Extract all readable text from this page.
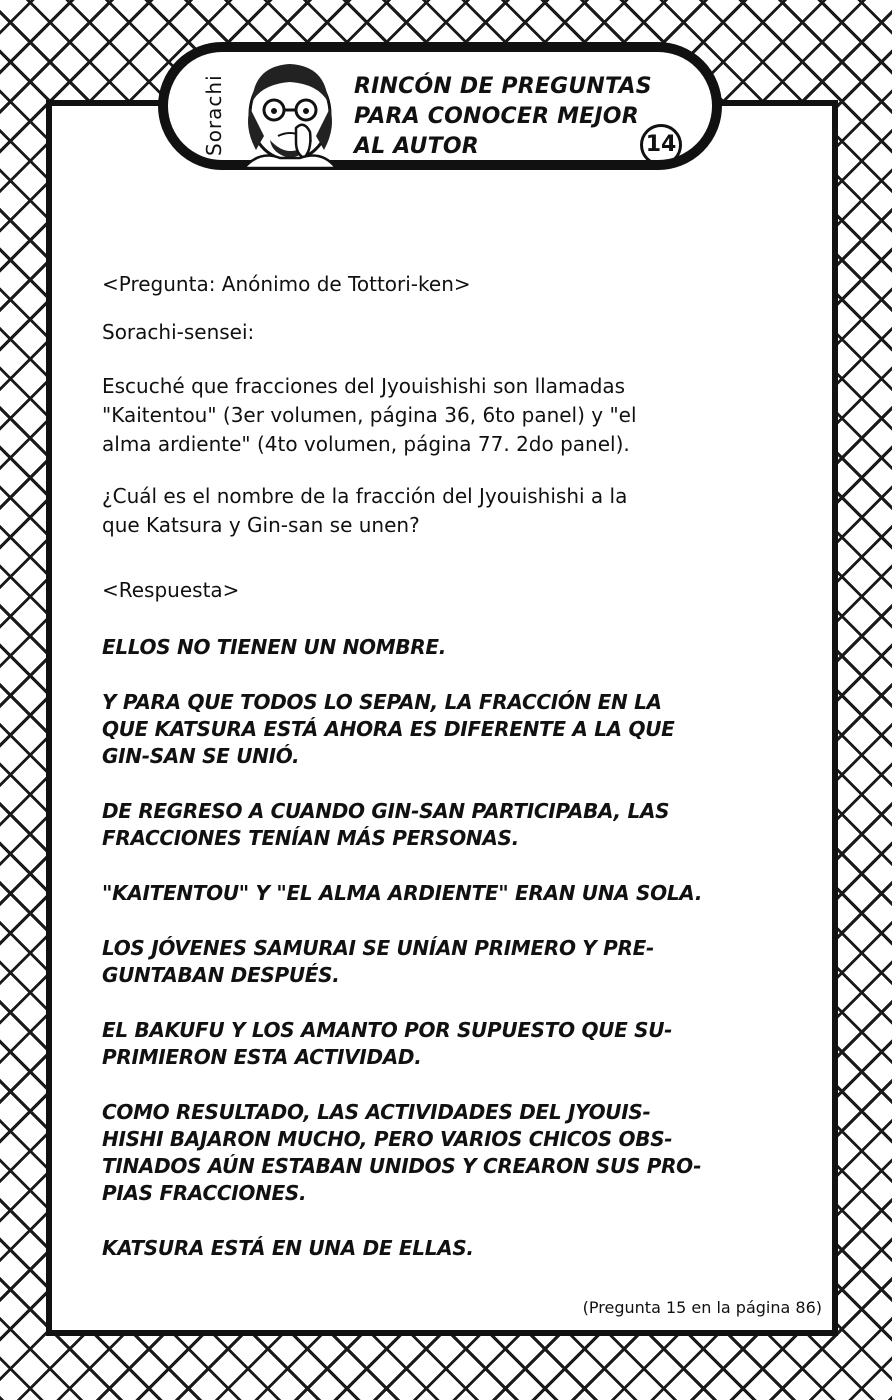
Sorachi	RINCÓN DE PREGUNTAS
PARA CONOCER MEJOR
AL AUTOR	14
<Pregunta: Anónimo de Tottori-ken>
Sorachi-sensei:
Escuché que fracciones del Jyouishishi son llamadas
"Kaitentou" (3er volumen, página 36, 6to panel) y "el
alma ardiente" (4to volumen, página 77. 2do panel).
¿Cuál es el nombre de la fracción del Jyouishishi a la
que Katsura y Gin-san se unen?
<Respuesta>
ELLOS NO TIENEN UN NOMBRE.
Y PARA QUE TODOS LO SEPAN, LA FRACCIÓN EN LA
QUE KATSURA ESTÁ AHORA ES DIFERENTE A LA QUE
GIN-SAN SE UNIÓ.
DE REGRESO A CUANDO GIN-SAN PARTICIPABA, LAS
FRACCIONES TENÍAN MÁS PERSONAS.
"KAITENTOU" Y "EL ALMA ARDIENTE" ERAN UNA SOLA.
LOS JÓVENES SAMURAI SE UNÍAN PRIMERO Y PRE-
GUNTABAN DESPUÉS.
EL BAKUFU Y LOS AMANTO POR SUPUESTO QUE SU-
PRIMIERON ESTA ACTIVIDAD.
COMO RESULTADO, LAS ACTIVIDADES DEL JYOUIS-
HISHI BAJARON MUCHO, PERO VARIOS CHICOS OBS-
TINADOS AÚN ESTABAN UNIDOS Y CREARON SUS PRO-
PIAS FRACCIONES.
KATSURA ESTÁ EN UNA DE ELLAS.
(Pregunta 15 en la página 86)
